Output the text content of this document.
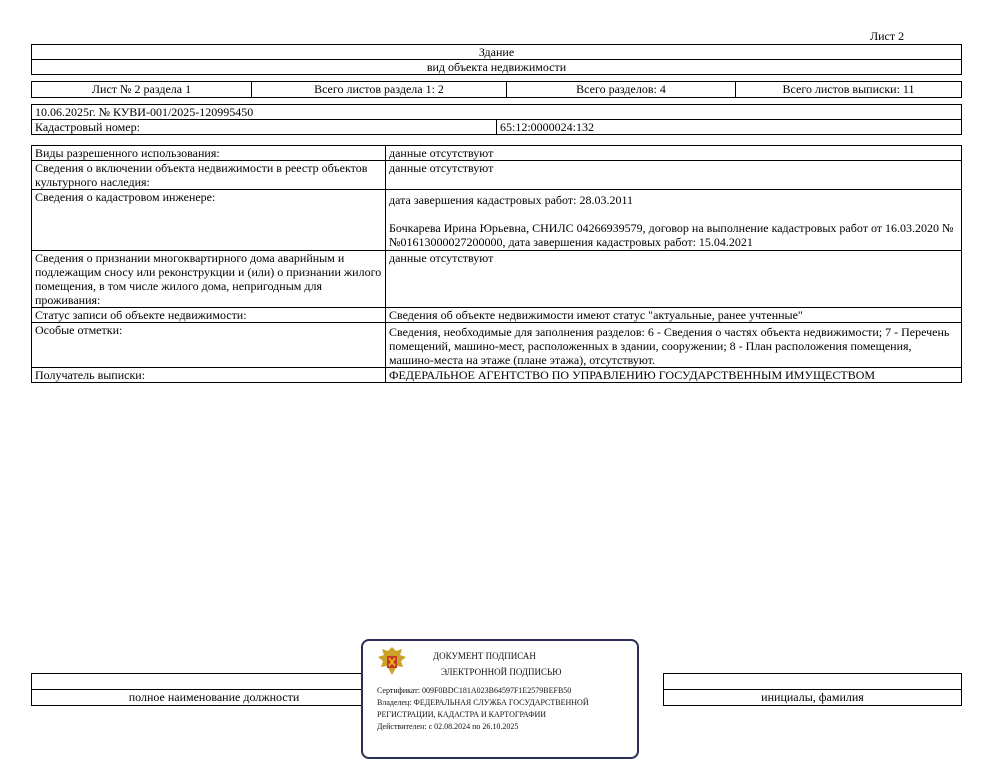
Лист 2
Здание
вид объекта недвижимости
Лист № 2 раздела 1	Всего листов раздела 1: 2	Всего разделов: 4	Всего листов выписки: 11
10.06.2025г. № КУВИ-001/2025-120995450
Кадастровый номер:	65:12:0000024:132
Виды разрешенного использования:	данные отсутствуют
Сведения о включении объекта недвижимости в реестр объектов культурного наследия:	данные отсутствуют
Сведения о кадастровом инженере:	дата завершения кадастровых работ: 28.03.2011
Бочкарева Ирина Юрьевна, СНИЛС 04266939579, договор на выполнение кадастровых работ от 16.03.2020 № №01613000027200000, дата завершения кадастровых работ: 15.04.2021

Сведения о признании многоквартирного дома аварийным и подлежащим сносу или реконструкции и (или) о признании жилого помещения, в том числе жилого дома, непригодным для проживания:	данные отсутствуют
Статус записи об объекте недвижимости:	Сведения об объекте недвижимости имеют статус "актуальные, ранее учтенные"
Особые отметки:	Сведения, необходимые для заполнения разделов: 6 - Сведения о частях объекта недвижимости; 7 - Перечень помещений, машино-мест, расположенных в здании, сооружении; 8 - План расположения помещения, машино-места на этаже (плане этажа), отсутствуют.
Получатель выписки:	ФЕДЕРАЛЬНОЕ АГЕНТСТВО ПО УПРАВЛЕНИЮ ГОСУДАРСТВЕННЫМ ИМУЩЕСТВОМ

полное наименование должности		инициалы, фамилия
ДОКУМЕНТ ПОДПИСАН
ЭЛЕКТРОННОЙ ПОДПИСЬЮ
Сертификат: 009F0BDC181A023B64597F1E2579BEFB50
Владелец: ФЕДЕРАЛЬНАЯ СЛУЖБА ГОСУДАРСТВЕННОЙ
РЕГИСТРАЦИИ, КАДАСТРА И КАРТОГРАФИИ
Действителен: с 02.08.2024 по 26.10.2025
